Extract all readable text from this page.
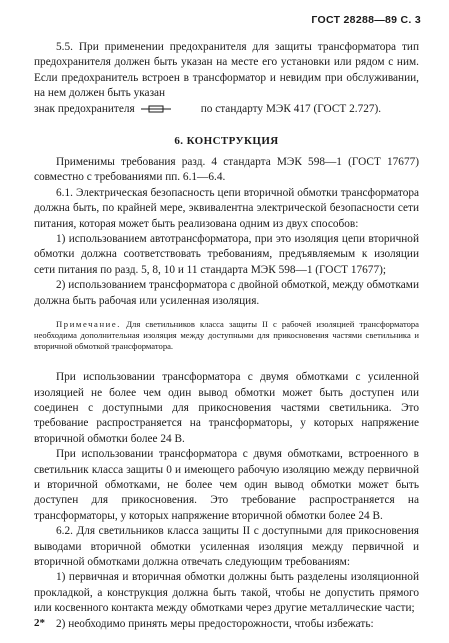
ГОСТ 28288—89 С. 3

5.5. При применении предохранителя для защиты трансформатора тип предохранителя должен быть указан на месте его установки или рядом с ним. Если предохранитель встроен в трансформатор и невидим при обслуживании, на нем должен быть указан

знак предохранителя	по стандарту МЭК 417 (ГОСТ 2.727).

6. КОНСТРУКЦИЯ

Применимы требования разд. 4 стандарта МЭК 598—1 (ГОСТ 17677) совместно с требованиями пп. 6.1—6.4.

6.1. Электрическая безопасность цепи вторичной обмотки трансформатора должна быть, по крайней мере, эквивалентна электрической безопасности сети питания, которая может быть реализована одним из двух способов:

1) использованием автотрансформатора, при это изоляция цепи вторичной обмотки должна соответствовать требованиям, предъявляемым к изоляции сети питания по разд. 5, 8, 10 и 11 стандарта МЭК 598—1 (ГОСТ 17677);

2) использованием трансформатора с двойной обмоткой, между обмотками должна быть рабочая или усиленная изоляция.

Примечание. Для светильников класса защиты II с рабочей изоляцией трансформатора необходима дополнительная изоляция между доступными для прикосновения частями светильника и вторичной обмоткой трансформатора.

При использовании трансформатора с двумя обмотками с усиленной изоляцией не более чем один вывод обмотки может быть доступен или соединен с доступными для прикосновения частями светильника. Это требование распространяется на трансформаторы, у которых напряжение вторичной обмотки более 24 В.

При использовании трансформатора с двумя обмотками, встроенного в светильник класса защиты 0 и имеющего рабочую изоляцию между первичной и вторичной обмотками, не более чем один вывод обмотки может быть доступен для прикосновения. Это требование распространяется на трансформаторы, у которых напряжение вторичной обмотки более 24 В.

6.2. Для светильников класса защиты II с доступными для прикосновения выводами вторичной обмотки усиленная изоляция между первичной и вторичной обмотками должна отвечать следующим требованиям:

1) первичная и вторичная обмотки должны быть разделены изоляционной прокладкой, а конструкция должна быть такой, чтобы не допустить прямого или косвенного контакта между обмотками через другие металлические части;

2) необходимо принять меры предосторожности, чтобы избежать:

2*
